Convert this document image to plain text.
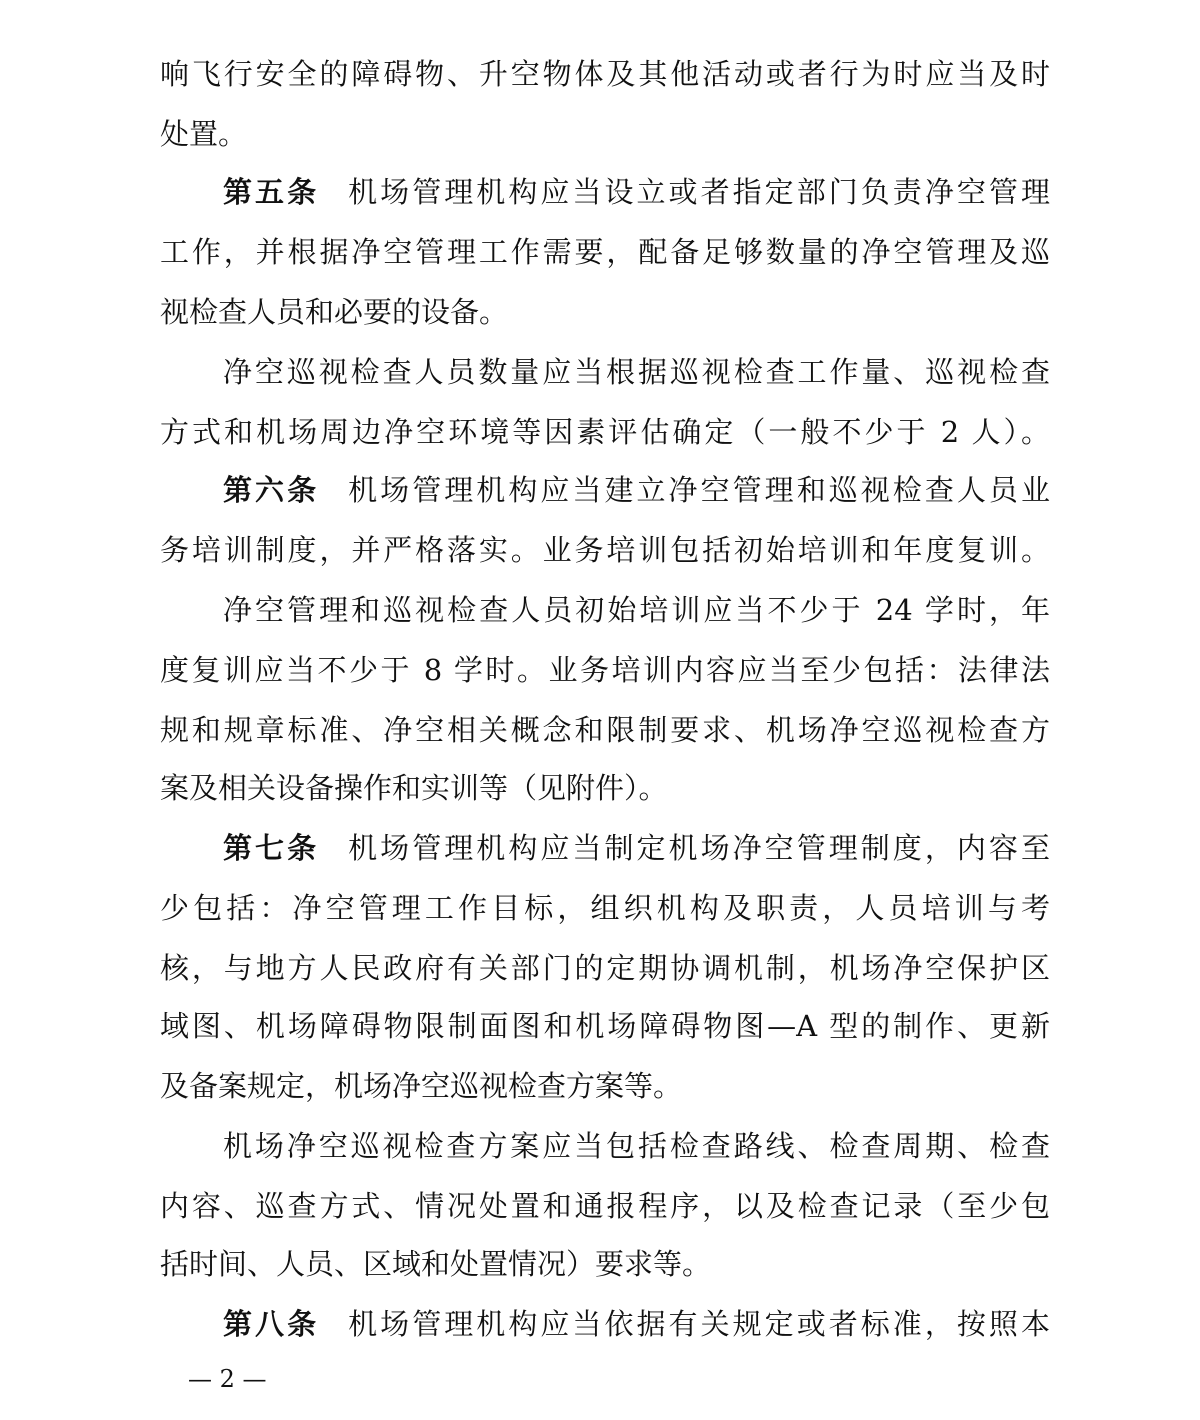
响飞行安全的障碍物、升空物体及其他活动或者行为时应当及时
处置。
第五条 机场管理机构应当设立或者指定部门负责净空管理
工作，并根据净空管理工作需要，配备足够数量的净空管理及巡
视检查人员和必要的设备。
净空巡视检查人员数量应当根据巡视检查工作量、巡视检查
方式和机场周边净空环境等因素评估确定（一般不少于 2 人）。
第六条 机场管理机构应当建立净空管理和巡视检查人员业
务培训制度，并严格落实。业务培训包括初始培训和年度复训。
净空管理和巡视检查人员初始培训应当不少于 24 学时，年
度复训应当不少于 8 学时。业务培训内容应当至少包括：法律法
规和规章标准、净空相关概念和限制要求、机场净空巡视检查方
案及相关设备操作和实训等（见附件）。
第七条 机场管理机构应当制定机场净空管理制度，内容至
少包括：净空管理工作目标，组织机构及职责，人员培训与考
核，与地方人民政府有关部门的定期协调机制，机场净空保护区
域图、机场障碍物限制面图和机场障碍物图—A 型的制作、更新
及备案规定，机场净空巡视检查方案等。
机场净空巡视检查方案应当包括检查路线、检查周期、检查
内容、巡查方式、情况处置和通报程序，以及检查记录（至少包
括时间、人员、区域和处置情况）要求等。
第八条 机场管理机构应当依据有关规定或者标准，按照本
— 2 —
